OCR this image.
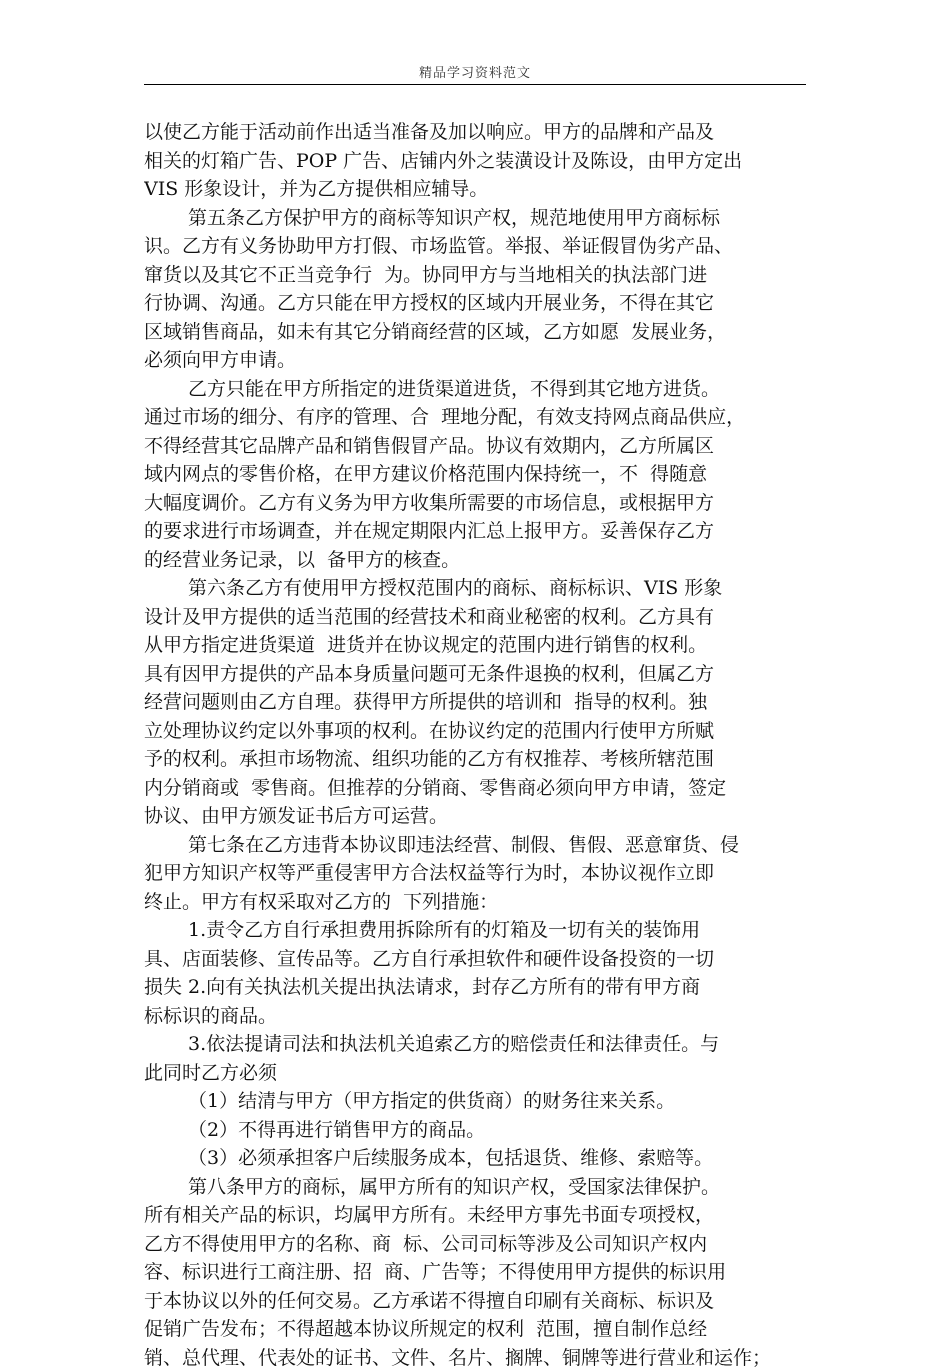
精品学习资料范文
以使乙方能于活动前作出适当准备及加以响应。甲方的品牌和产品及
相关的灯箱广告、POP 广告、店铺内外之装潢设计及陈设，由甲方定出
VIS 形象设计，并为乙方提供相应辅导。
第五条乙方保护甲方的商标等知识产权，规范地使用甲方商标标
识。乙方有义务协助甲方打假、市场监管。举报、举证假冒伪劣产品、
窜货以及其它不正当竞争行  为。协同甲方与当地相关的执法部门进
行协调、沟通。乙方只能在甲方授权的区域内开展业务，不得在其它
区域销售商品，如未有其它分销商经营的区域，乙方如愿  发展业务，
必须向甲方申请。
乙方只能在甲方所指定的进货渠道进货，不得到其它地方进货。
通过市场的细分、有序的管理、合  理地分配，有效支持网点商品供应，
不得经营其它品牌产品和销售假冒产品。协议有效期内，乙方所属区
域内网点的零售价格，在甲方建议价格范围内保持统一，不  得随意
大幅度调价。乙方有义务为甲方收集所需要的市场信息，或根据甲方
的要求进行市场调查，并在规定期限内汇总上报甲方。妥善保存乙方
的经营业务记录，以  备甲方的核查。
第六条乙方有使用甲方授权范围内的商标、商标标识、VIS 形象
设计及甲方提供的适当范围的经营技术和商业秘密的权利。乙方具有
从甲方指定进货渠道  进货并在协议规定的范围内进行销售的权利。
具有因甲方提供的产品本身质量问题可无条件退换的权利，但属乙方
经营问题则由乙方自理。获得甲方所提供的培训和  指导的权利。独
立处理协议约定以外事项的权利。在协议约定的范围内行使甲方所赋
予的权利。承担市场物流、组织功能的乙方有权推荐、考核所辖范围
内分销商或  零售商。但推荐的分销商、零售商必须向甲方申请，签定
协议、由甲方颁发证书后方可运营。
第七条在乙方违背本协议即违法经营、制假、售假、恶意窜货、侵
犯甲方知识产权等严重侵害甲方合法权益等行为时，本协议视作立即
终止。甲方有权采取对乙方的  下列措施：
1.责令乙方自行承担费用拆除所有的灯箱及一切有关的装饰用
具、店面装修、宣传品等。乙方自行承担软件和硬件设备投资的一切
损失 2.向有关执法机关提出执法请求，封存乙方所有的带有甲方商
标标识的商品。
3.依法提请司法和执法机关追索乙方的赔偿责任和法律责任。与
此同时乙方必须
（1）结清与甲方（甲方指定的供货商）的财务往来关系。
（2）不得再进行销售甲方的商品。
（3）必须承担客户后续服务成本，包括退货、维修、索赔等。
第八条甲方的商标，属甲方所有的知识产权，受国家法律保护。
所有相关产品的标识，均属甲方所有。未经甲方事先书面专项授权，
乙方不得使用甲方的名称、商  标、公司司标等涉及公司知识产权内
容、标识进行工商注册、招  商、广告等；不得使用甲方提供的标识用
于本协议以外的任何交易。乙方承诺不得擅自印刷有关商标、标识及
促销广告发布；不得超越本协议所规定的权利  范围，擅自制作总经
销、总代理、代表处的证书、文件、名片、搁牌、铜牌等进行营业和运作；
